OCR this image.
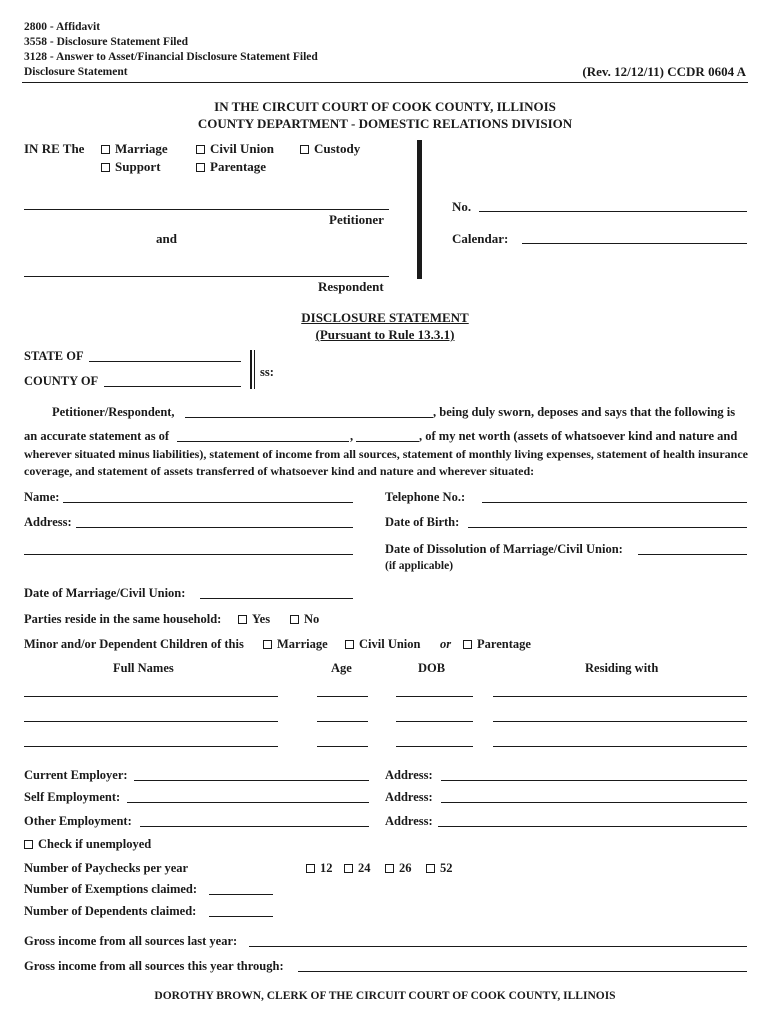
2800 - Affidavit
3558 - Disclosure Statement Filed
3128 - Answer to Asset/Financial Disclosure Statement Filed
Disclosure Statement	(Rev. 12/12/11) CCDR 0604 A
IN THE CIRCUIT COURT OF COOK COUNTY, ILLINOIS
COUNTY DEPARTMENT - DOMESTIC RELATIONS DIVISION
IN RE The	Marriage	Civil Union	Custody
Support	Parentage
Petitioner
and
Respondent
No.
Calendar:
DISCLOSURE STATEMENT
(Pursuant to Rule 13.3.1)
STATE OF
COUNTY OF
ss:
Petitioner/Respondent,	, being duly sworn, deposes and says that the following is
an accurate statement as of	,	, of my net worth (assets of whatsoever kind and nature and
wherever situated minus liabilities), statement of income from all sources, statement of monthly living expenses, statement of health insurance coverage, and statement of assets transferred of whatsoever kind and nature and wherever situated:
Name:	Telephone No.:
Address:	Date of Birth:
Date of Dissolution of Marriage/Civil Union:
(if applicable)
Date of Marriage/Civil Union:
Parties reside in the same household:	Yes	No
Minor and/or Dependent Children of this	Marriage	Civil Union or	Parentage
Full Names	Age	DOB	Residing with
Current Employer:	Address:
Self Employment:	Address:
Other Employment:	Address:
Check if unemployed
Number of Paychecks per year	12	24	26	52
Number of Exemptions claimed:
Number of Dependents claimed:
Gross income from all sources last year:
Gross income from all sources this year through:
DOROTHY BROWN, CLERK OF THE CIRCUIT COURT OF COOK COUNTY, ILLINOIS
